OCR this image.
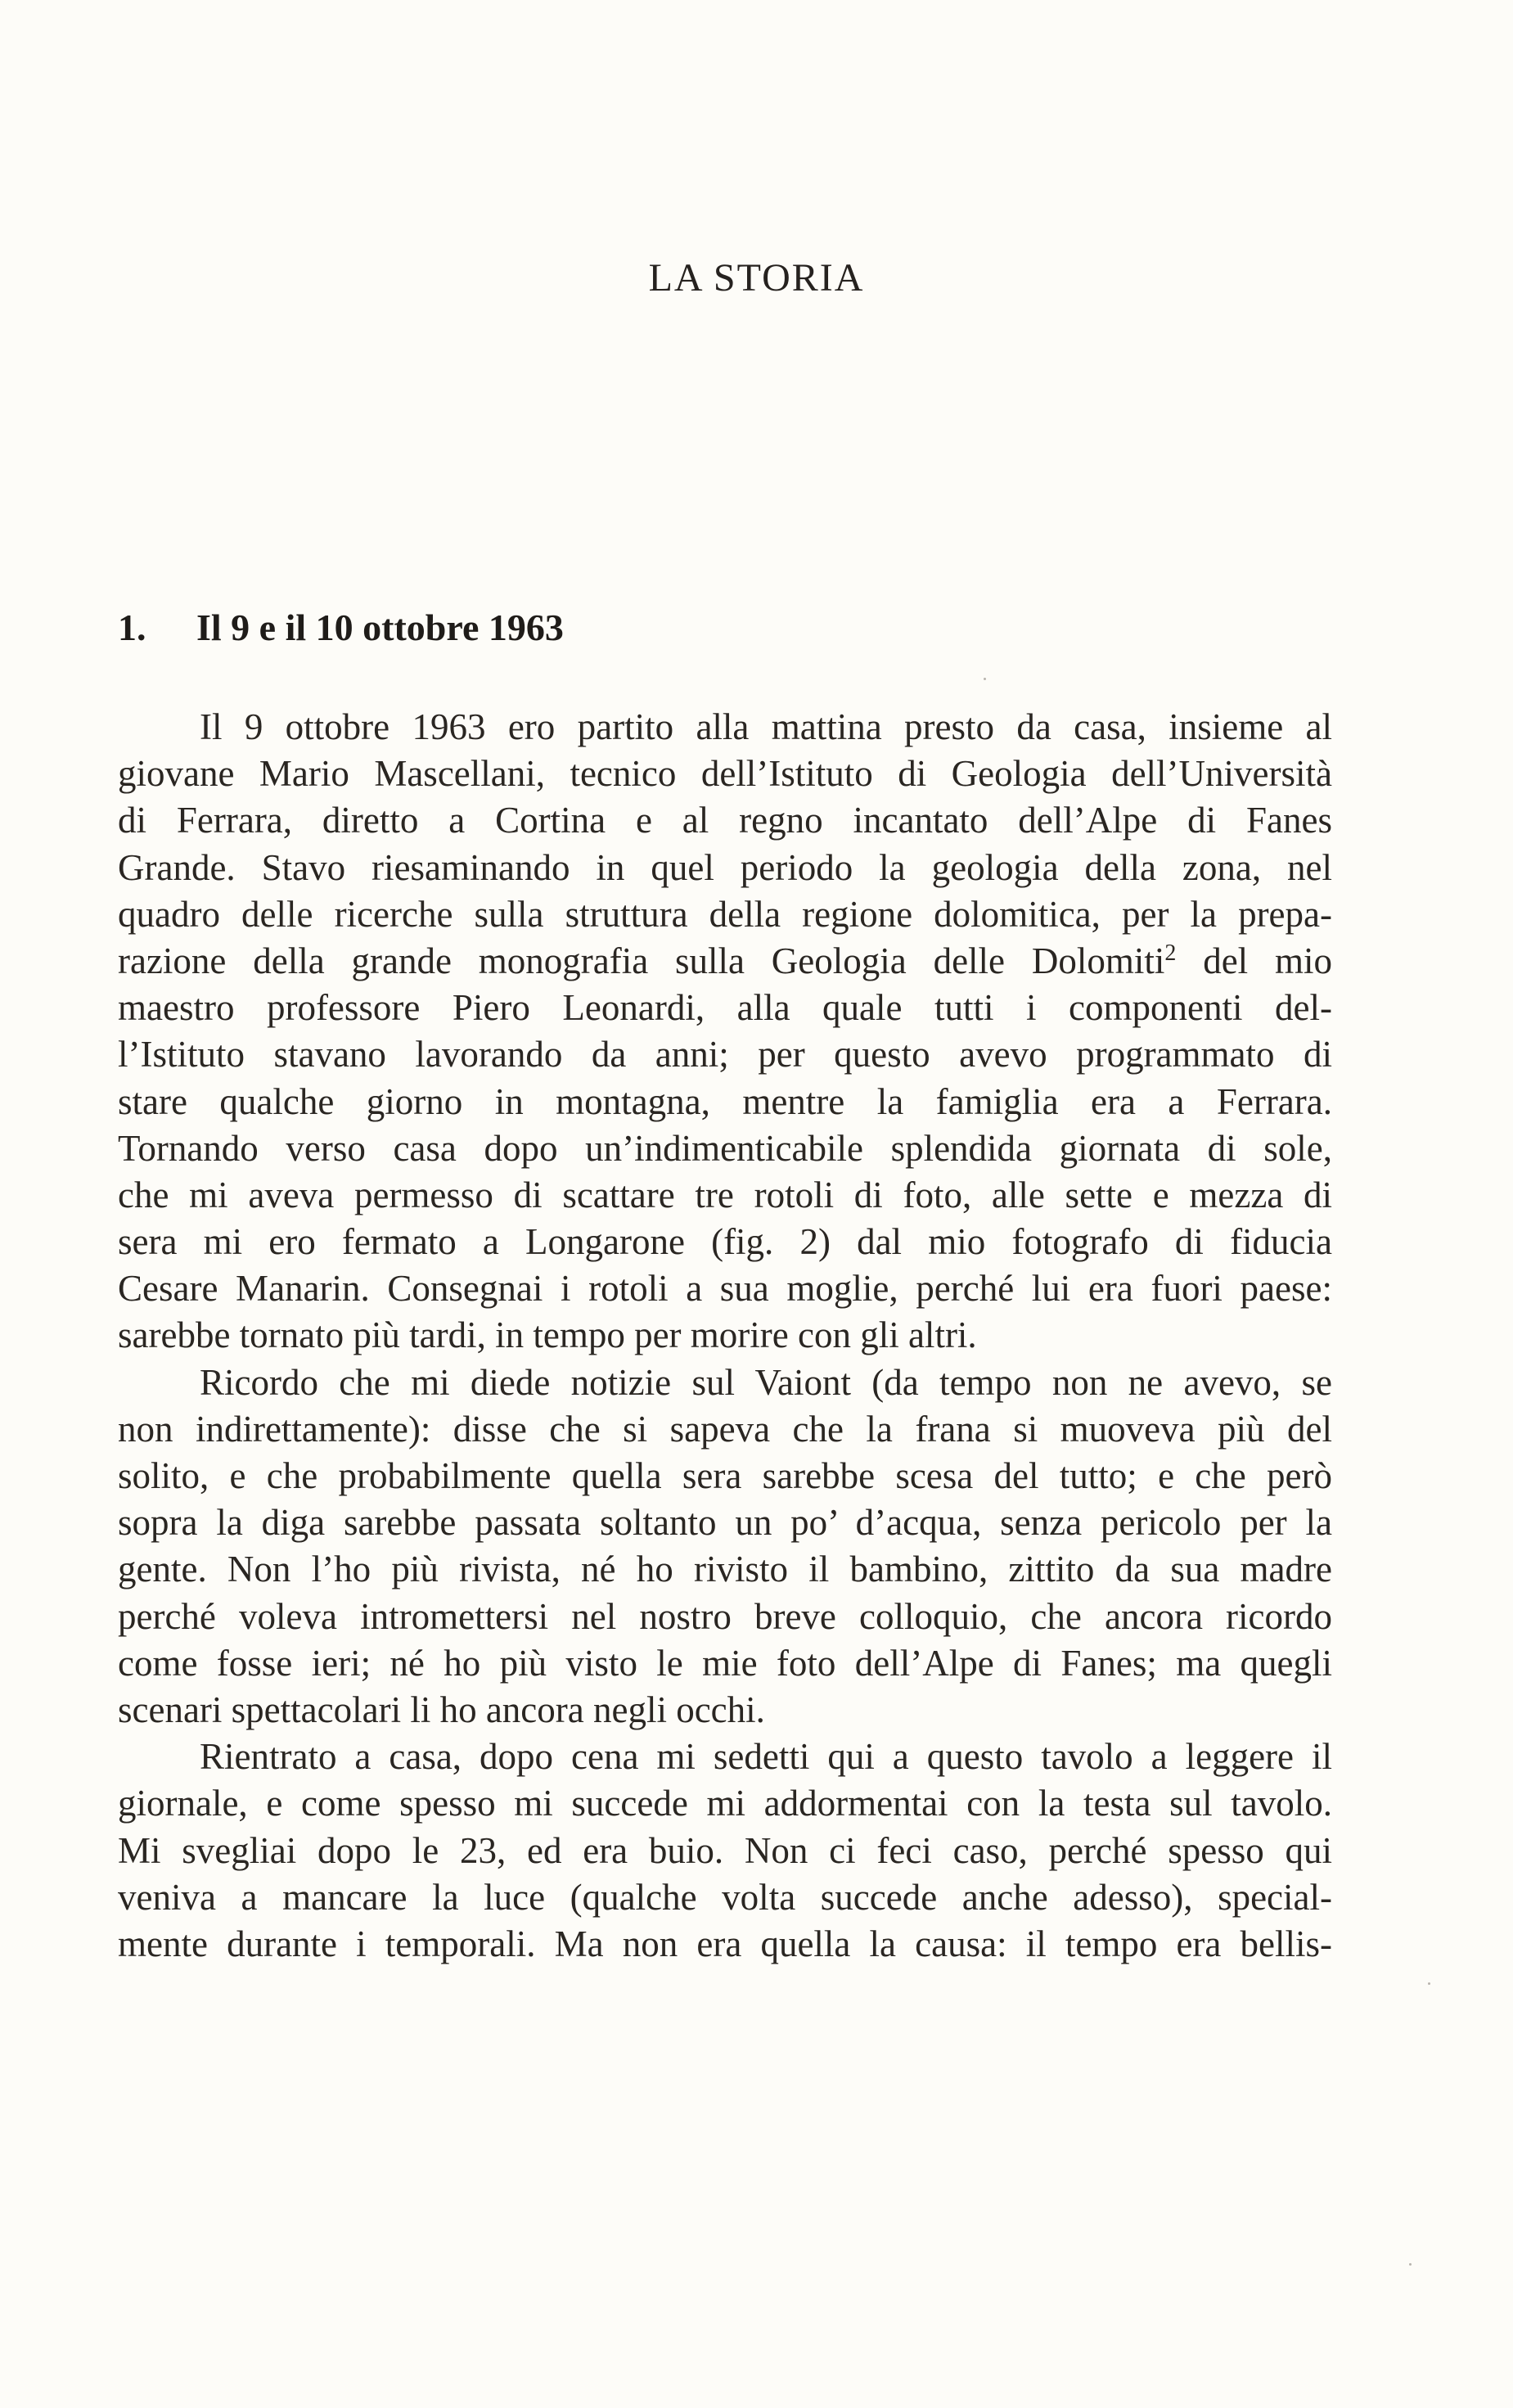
LA STORIA
1. Il 9 e il 10 ottobre 1963
Il 9 ottobre 1963 ero partito alla mattina presto da casa, insieme al
giovane Mario Mascellani, tecnico dell’Istituto di Geologia dell’Università
di Ferrara, diretto a Cortina e al regno incantato dell’Alpe di Fanes
Grande. Stavo riesaminando in quel periodo la geologia della zona, nel
quadro delle ricerche sulla struttura della regione dolomitica, per la prepa-
razione della grande monografia sulla Geologia delle Dolomiti$^2$ del mio
maestro professore Piero Leonardi, alla quale tutti i componenti del-
l’Istituto stavano lavorando da anni; per questo avevo programmato di
stare qualche giorno in montagna, mentre la famiglia era a Ferrara.
Tornando verso casa dopo un’indimenticabile splendida giornata di sole,
che mi aveva permesso di scattare tre rotoli di foto, alle sette e mezza di
sera mi ero fermato a Longarone (fig. 2) dal mio fotografo di fiducia
Cesare Manarin. Consegnai i rotoli a sua moglie, perché lui era fuori paese:
sarebbe tornato più tardi, in tempo per morire con gli altri.
Ricordo che mi diede notizie sul Vaiont (da tempo non ne avevo, se
non indirettamente): disse che si sapeva che la frana si muoveva più del
solito, e che probabilmente quella sera sarebbe scesa del tutto; e che però
sopra la diga sarebbe passata soltanto un po’ d’acqua, senza pericolo per la
gente. Non l’ho più rivista, né ho rivisto il bambino, zittito da sua madre
perché voleva intromettersi nel nostro breve colloquio, che ancora ricordo
come fosse ieri; né ho più visto le mie foto dell’Alpe di Fanes; ma quegli
scenari spettacolari li ho ancora negli occhi.
Rientrato a casa, dopo cena mi sedetti qui a questo tavolo a leggere il
giornale, e come spesso mi succede mi addormentai con la testa sul tavolo.
Mi svegliai dopo le 23, ed era buio. Non ci feci caso, perché spesso qui
veniva a mancare la luce (qualche volta succede anche adesso), special-
mente durante i temporali. Ma non era quella la causa: il tempo era bellis-
